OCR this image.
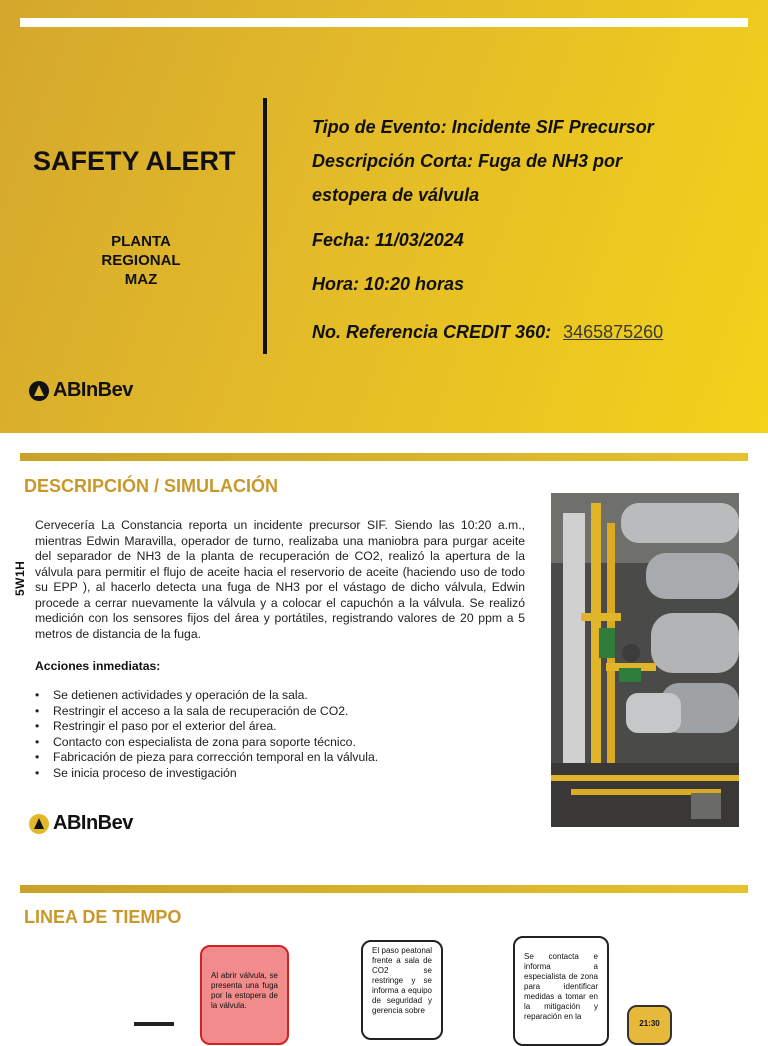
SAFETY ALERT
PLANTA
REGIONAL
MAZ
Tipo de Evento: Incidente SIF Precursor
Descripción Corta: Fuga de NH3 por
estopera de válvula
Fecha: 11/03/2024
Hora: 10:20 horas
No. Referencia CREDIT 360: 3465875260
ABInBev
DESCRIPCIÓN / SIMULACIÓN
5W1H
Cervecería La Constancia reporta un incidente precursor SIF. Siendo las 10:20 a.m., mientras Edwin Maravilla, operador de turno, realizaba una maniobra para purgar aceite del separador de NH3 de la planta de recuperación de CO2, realizó la apertura de la válvula para permitir el flujo de aceite hacia el reservorio de aceite (haciendo uso de todo su EPP ), al hacerlo detecta una fuga de NH3 por el vástago de dicho válvula, Edwin procede a cerrar nuevamente la válvula y a colocar el capuchón a la válvula. Se realizó medición con los sensores fijos del área y portátiles, registrando valores de 20 ppm a 5 metros de distancia de la fuga.
Acciones inmediatas:
• Se detienen actividades y operación de la sala.
• Restringir el acceso a la sala de recuperación de CO2.
• Restringir el paso por el exterior del área.
• Contacto con especialista de zona para soporte técnico.
• Fabricación de pieza para corrección temporal en la válvula.
• Se inicia proceso de investigación
ABInBev
LINEA DE TIEMPO
Al abrir válvula, se presenta una fuga por la estopera de la válvula.
El paso peatonal frente a sala de CO2 se restringe y se informa a equipo de seguridad y gerencia sobre
Se contacta e informa a especialista de zona para identificar medidas a tomar en la mitigación y reparación en la
21:30
